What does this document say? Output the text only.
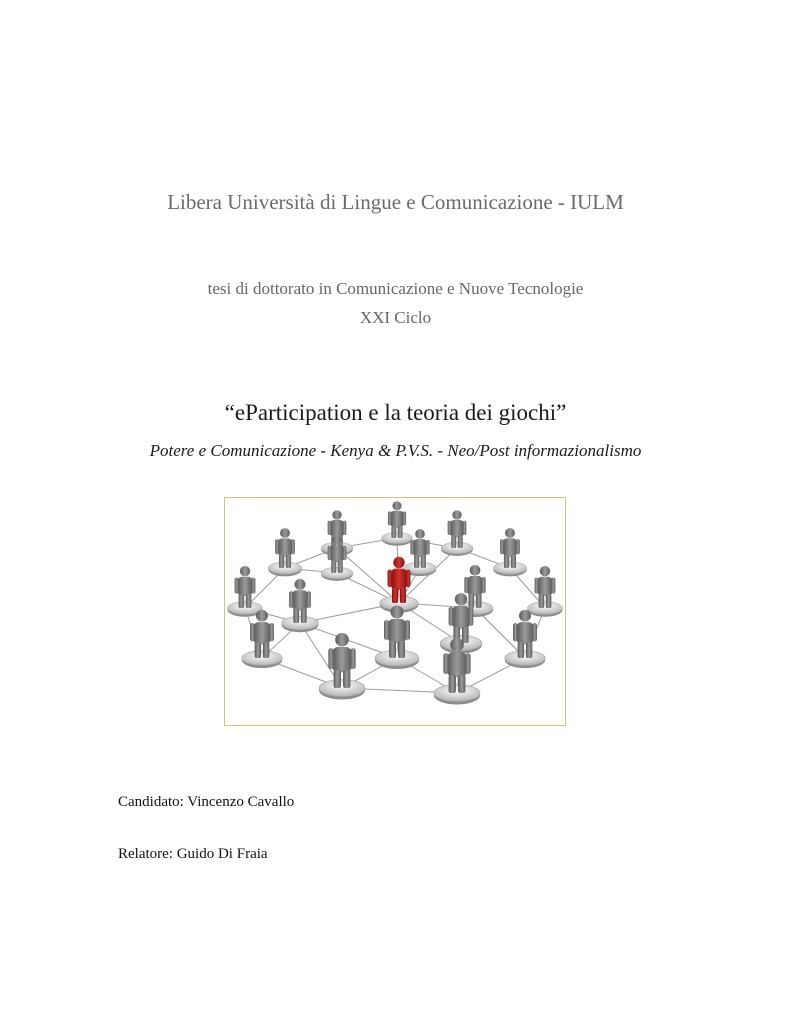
Libera Università di Lingue e Comunicazione - IULM

tesi di dottorato in Comunicazione e Nuove Tecnologie

XXI Ciclo

“eParticipation e la teoria dei giochi”

Potere e Comunicazione - Kenya & P.V.S. - Neo/Post informazionalismo

Candidato: Vincenzo Cavallo

Relatore: Guido Di Fraia
